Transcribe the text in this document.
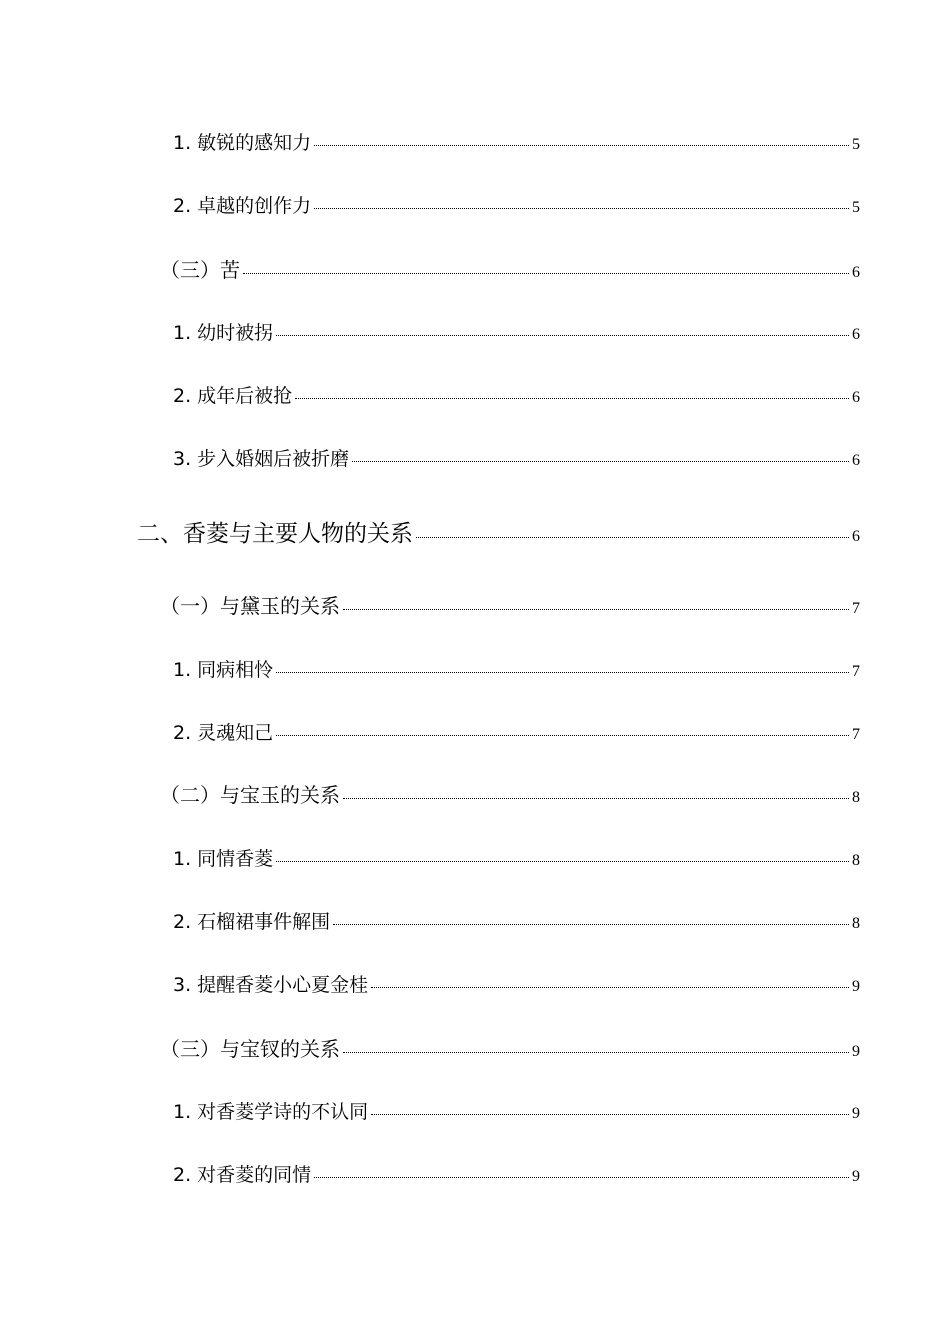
1. 敏锐的感知力	5
2. 卓越的创作力	5
（三）苦	6
1. 幼时被拐	6
2. 成年后被抢	6
3. 步入婚姻后被折磨	6
二、香菱与主要人物的关系	6
（一）与黛玉的关系	7
1. 同病相怜	7
2. 灵魂知己	7
（二）与宝玉的关系	8
1. 同情香菱	8
2. 石榴裙事件解围	8
3. 提醒香菱小心夏金桂	9
（三）与宝钗的关系	9
1. 对香菱学诗的不认同	9
2. 对香菱的同情	9
